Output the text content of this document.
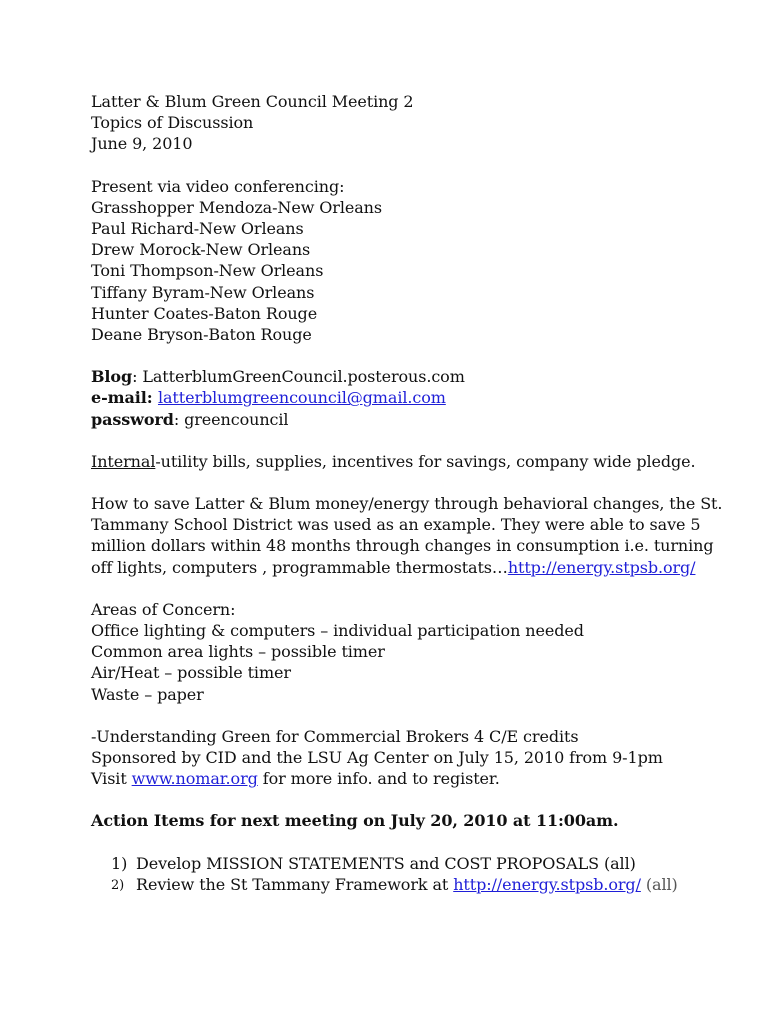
Latter & Blum Green Council Meeting 2
Topics of Discussion
June 9, 2010
Present via video conferencing:
Grasshopper Mendoza-New Orleans
Paul Richard-New Orleans
Drew Morock-New Orleans
Toni Thompson-New Orleans
Tiffany Byram-New Orleans
Hunter Coates-Baton Rouge
Deane Bryson-Baton Rouge
Blog: LatterblumGreenCouncil.posterous.com
e-mail: latterblumgreencouncil@gmail.com
password: greencouncil
Internal-utility bills, supplies, incentives for savings, company wide pledge.
How to save Latter & Blum money/energy through behavioral changes, the St.
Tammany School District was used as an example. They were able to save 5
million dollars within 48 months through changes in consumption i.e. turning
off lights, computers , programmable thermostats…http://energy.stpsb.org/
Areas of Concern:
Office lighting & computers – individual participation needed
Common area lights – possible timer
Air/Heat – possible timer
Waste – paper
-Understanding Green for Commercial Brokers 4 C/E credits
Sponsored by CID and the LSU Ag Center on July 15, 2010 from 9-1pm
Visit www.nomar.org for more info. and to register.
Action Items for next meeting on July 20, 2010 at 11:00am.
1) Develop MISSION STATEMENTS and COST PROPOSALS (all)
2) Review the St Tammany Framework at http://energy.stpsb.org/ (all)
